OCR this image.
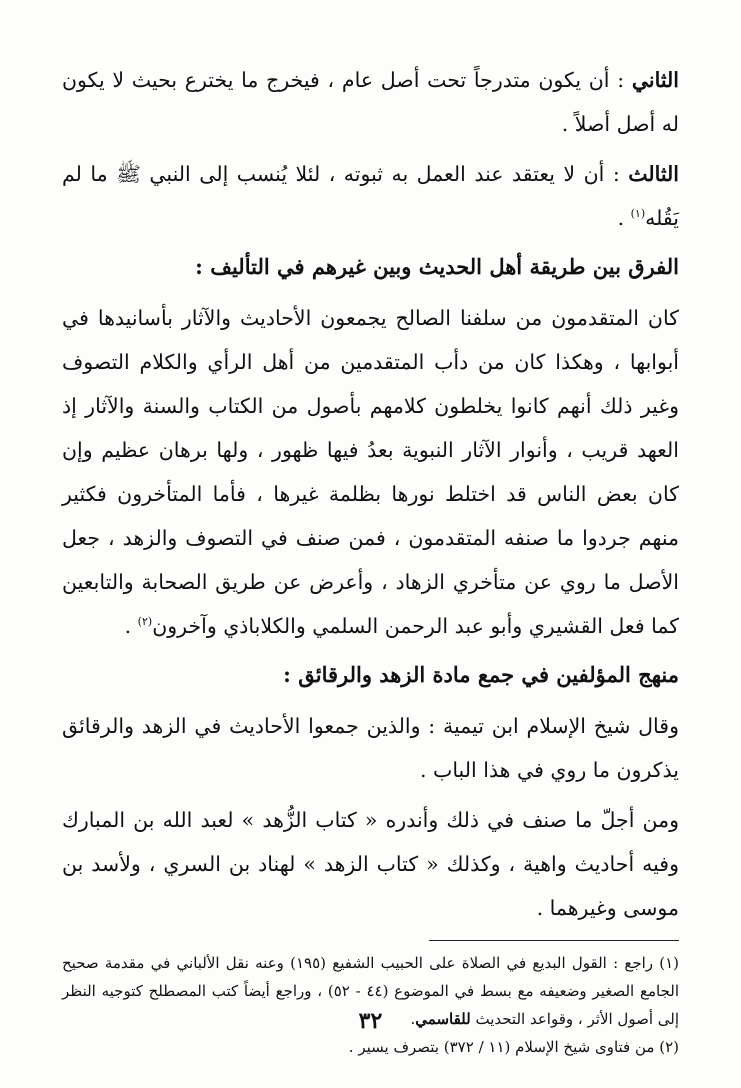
الثاني : أن يكون متدرجاً تحت أصل عام ، فيخرج ما يخترع بحيث لا يكون له أصل أصلاً .

الثالث : أن لا يعتقد عند العمل به ثبوته ، لئلا يُنسب إلى النبي ﷺ ما لم يَقُله$^{(١)}$ .

الفرق بين طريقة أهل الحديث وبين غيرهم في التأليف :

كان المتقدمون من سلفنا الصالح يجمعون الأحاديث والآثار بأسانيدها في أبوابها ، وهكذا كان من دأب المتقدمين من أهل الرأي والكلام التصوف وغير ذلك أنهم كانوا يخلطون كلامهم بأصول من الكتاب والسنة والآثار إذ العهد قريب ، وأنوار الآثار النبوية بعدُ فيها ظهور ، ولها برهان عظيم وإن كان بعض الناس قد اختلط نورها بظلمة غيرها ، فأما المتأخرون فكثير منهم جردوا ما صنفه المتقدمون ، فمن صنف في التصوف والزهد ، جعل الأصل ما روي عن متأخري الزهاد ، وأعرض عن طريق الصحابة والتابعين كما فعل القشيري وأبو عبد الرحمن السلمي والكلاباذي وآخرون$^{(٢)}$ .

منهج المؤلفين في جمع مادة الزهد والرقائق :

وقال شيخ الإسلام ابن تيمية : والذين جمعوا الأحاديث في الزهد والرقائق يذكرون ما روي في هذا الباب .

ومن أجلّ ما صنف في ذلك وأندره « كتاب الزُّهد » لعبد الله بن المبارك وفيه أحاديث واهية ، وكذلك « كتاب الزهد » لهناد بن السري ، ولأسد بن موسى وغيرهما .

(١) راجع : القول البديع في الصلاة على الحبيب الشفيع (١٩٥) وعنه نقل الألباني في مقدمة صحيح الجامع الصغير وضعيفه مع بسط في الموضوع (٤٤ - ٥٢) ، وراجع أيضاً كتب المصطلح كتوجيه النظر إلى أصول الأثر ، وقواعد التحديث للقاسمي.

(٢) من فتاوى شيخ الإسلام (١١ / ٣٧٢) بتصرف يسير .

٣٢
